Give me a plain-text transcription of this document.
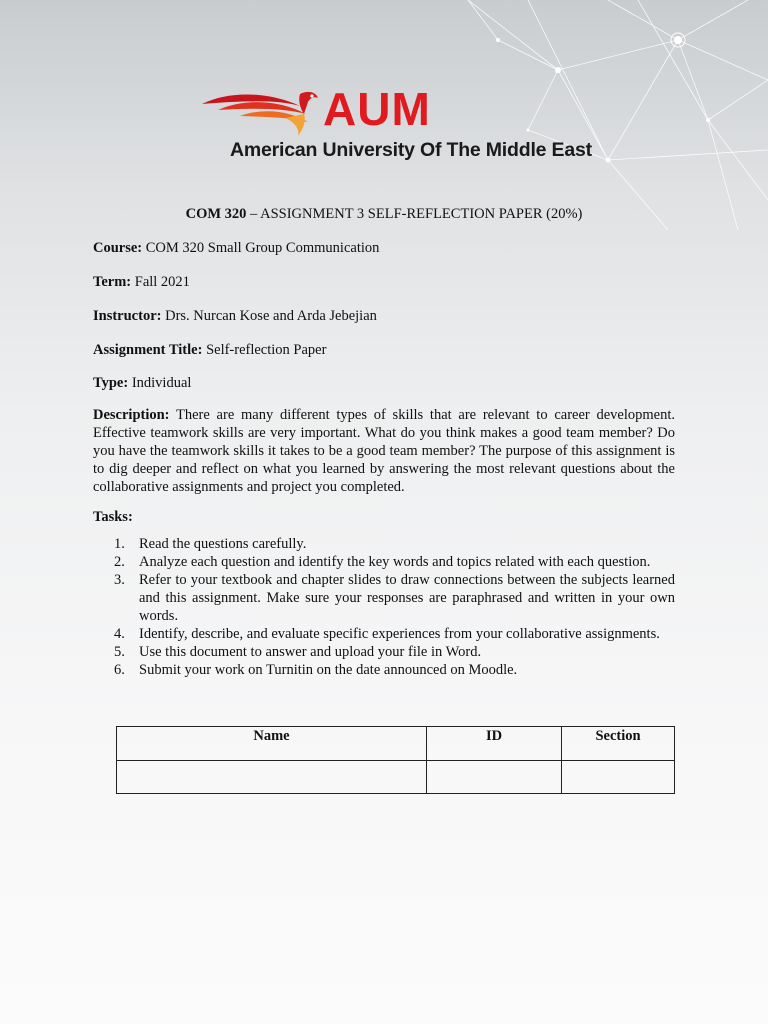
AUM
American University Of The Middle East
COM 320 – ASSIGNMENT 3 SELF-REFLECTION PAPER (20%)
Course: COM 320 Small Group Communication
Term: Fall 2021
Instructor: Drs. Nurcan Kose and Arda Jebejian
Assignment Title: Self-reflection Paper
Type: Individual
Description: There are many different types of skills that are relevant to career development. Effective teamwork skills are very important. What do you think makes a good team member? Do you have the teamwork skills it takes to be a good team member? The purpose of this assignment is to dig deeper and reflect on what you learned by answering the most relevant questions about the collaborative assignments and project you completed.
Tasks:
1. Read the questions carefully.
2. Analyze each question and identify the key words and topics related with each question.
3. Refer to your textbook and chapter slides to draw connections between the subjects learned and this assignment. Make sure your responses are paraphrased and written in your own words.
4. Identify, describe, and evaluate specific experiences from your collaborative assignments.
5. Use this document to answer and upload your file in Word.
6. Submit your work on Turnitin on the date announced on Moodle.
Name	ID	Section
